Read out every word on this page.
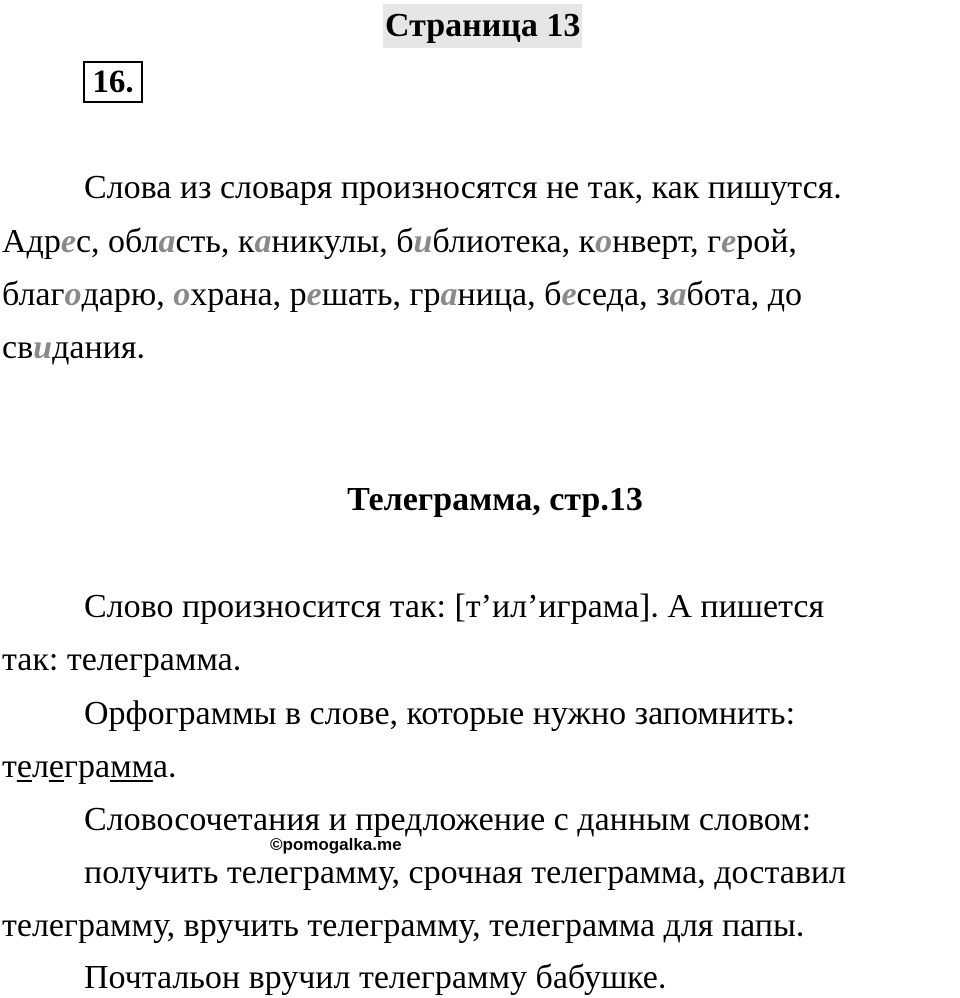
Страница 13
16.
Слова из словаря произносятся не так, как пишутся.
Адрес, область, каникулы, библиотека, конверт, герой,
благодарю, охрана, решать, граница, беседа, забота, до
свидания.
Телеграмма, стр.13
Слово произносится так: [т’ил’играма]. А пишется
так: телеграмма.
Орфограммы в слове, которые нужно запомнить:
телеграмма.
Словосочетания и предложение с данным словом:
получить телеграмму, срочная телеграмма, доставил
телеграмму, вручить телеграмму, телеграмма для папы.
Почтальон вручил телеграмму бабушке.
©pomogalka.me
